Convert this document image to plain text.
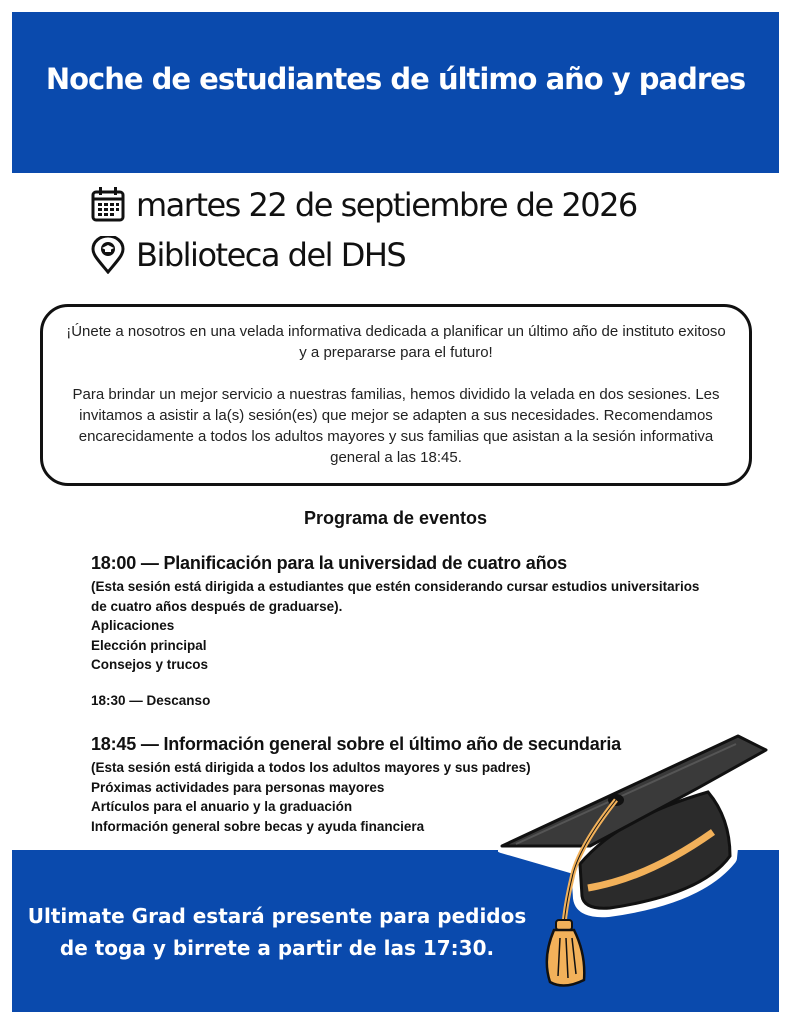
Noche de estudiantes de último año y padres
martes 22 de septiembre de 2026
Biblioteca del DHS

¡Únete a nosotros en una velada informativa dedicada a planificar un último año de instituto exitoso y a prepararse para el futuro!

Para brindar un mejor servicio a nuestras familias, hemos dividido la velada en dos sesiones. Les invitamos a asistir a la(s) sesión(es) que mejor se adapten a sus necesidades. Recomendamos encarecidamente a todos los adultos mayores y sus familias que asistan a la sesión informativa general a las 18:45.

Programa de eventos

18:00 — Planificación para la universidad de cuatro años

(Esta sesión está dirigida a estudiantes que estén considerando cursar estudios universitarios de cuatro años después de graduarse).

Aplicaciones

Elección principal

Consejos y trucos

18:30 — Descanso

18:45 — Información general sobre el último año de secundaria

(Esta sesión está dirigida a todos los adultos mayores y sus padres)

Próximas actividades para personas mayores

Artículos para el anuario y la graduación

Información general sobre becas y ayuda financiera

Ultimate Grad estará presente para pedidos
de toga y birrete a partir de las 17:30.
